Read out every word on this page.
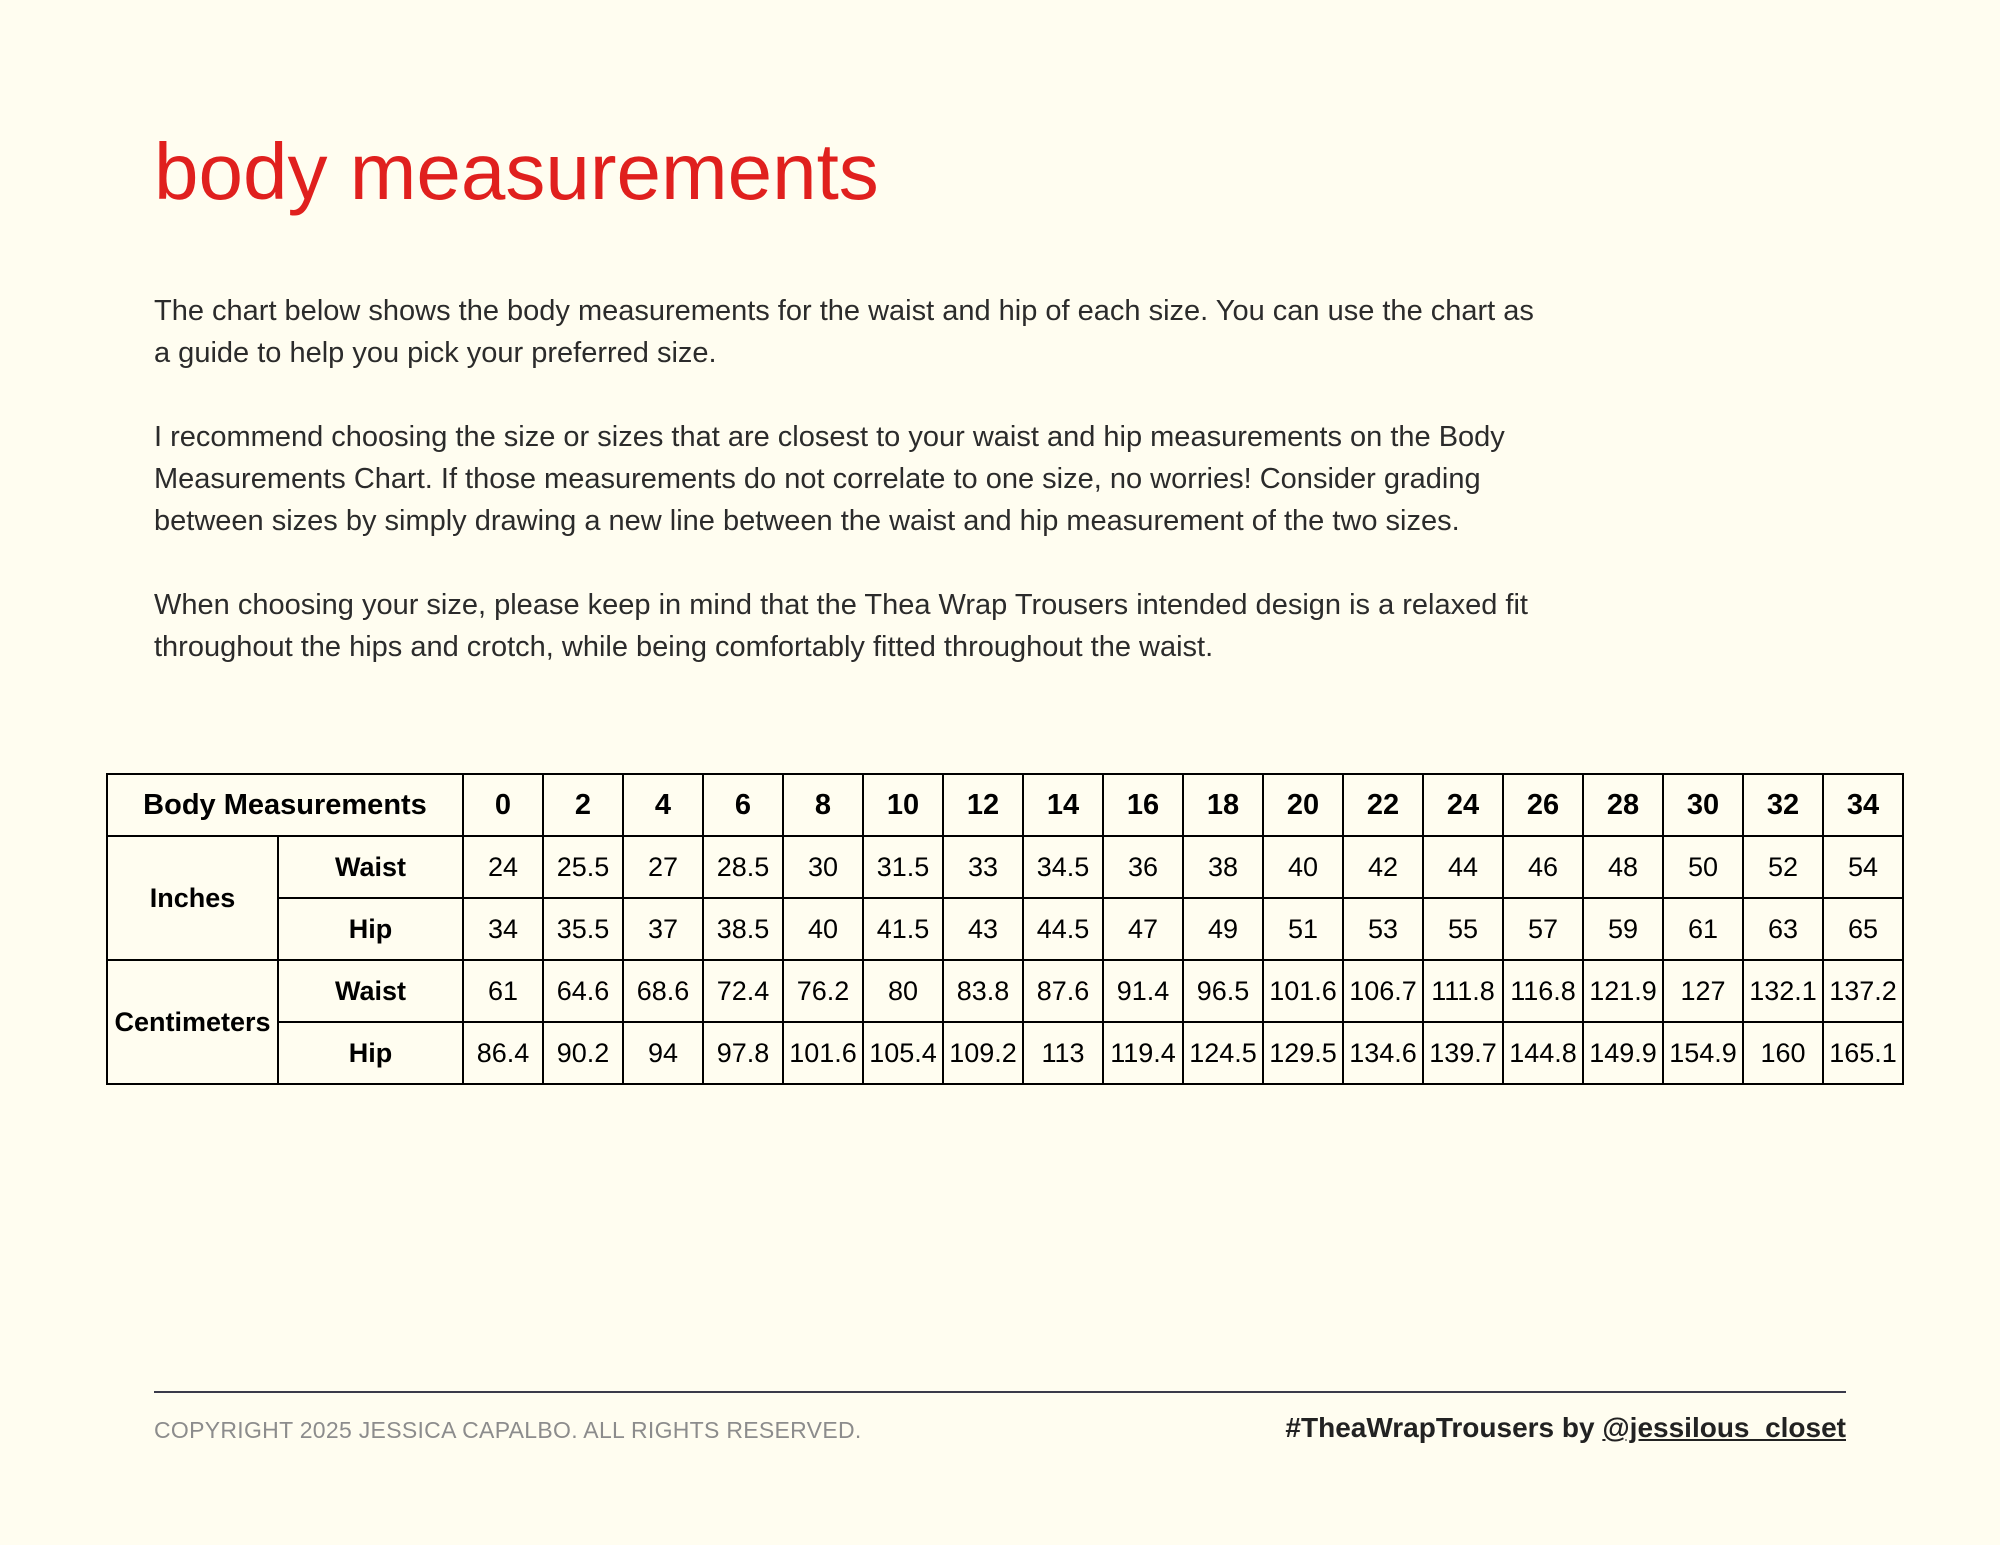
body measurements

The chart below shows the body measurements for the waist and hip of each size. You can use the chart as a guide to help you pick your preferred size.

I recommend choosing the size or sizes that are closest to your waist and hip measurements on the Body Measurements Chart. If those measurements do not correlate to one size, no worries! Consider grading between sizes by simply drawing a new line between the waist and hip measurement of the two sizes.

When choosing your size, please keep in mind that the Thea Wrap Trousers intended design is a relaxed fit throughout the hips and crotch, while being comfortably fitted throughout the waist.

Body Measurements		0	2	4	6	8	10	12	14	16	18	20	22	24	26	28	30	32	34
Inches	Waist	24	25.5	27	28.5	30	31.5	33	34.5	36	38	40	42	44	46	48	50	52	54
	Hip	34	35.5	37	38.5	40	41.5	43	44.5	47	49	51	53	55	57	59	61	63	65
Centimeters	Waist	61	64.6	68.6	72.4	76.2	80	83.8	87.6	91.4	96.5	101.6	106.7	111.8	116.8	121.9	127	132.1	137.2
	Hip	86.4	90.2	94	97.8	101.6	105.4	109.2	113	119.4	124.5	129.5	134.6	139.7	144.8	149.9	154.9	160	165.1
COPYRIGHT 2025 JESSICA CAPALBO. ALL RIGHTS RESERVED.	#TheaWrapTrousers by @jessilous_closet
